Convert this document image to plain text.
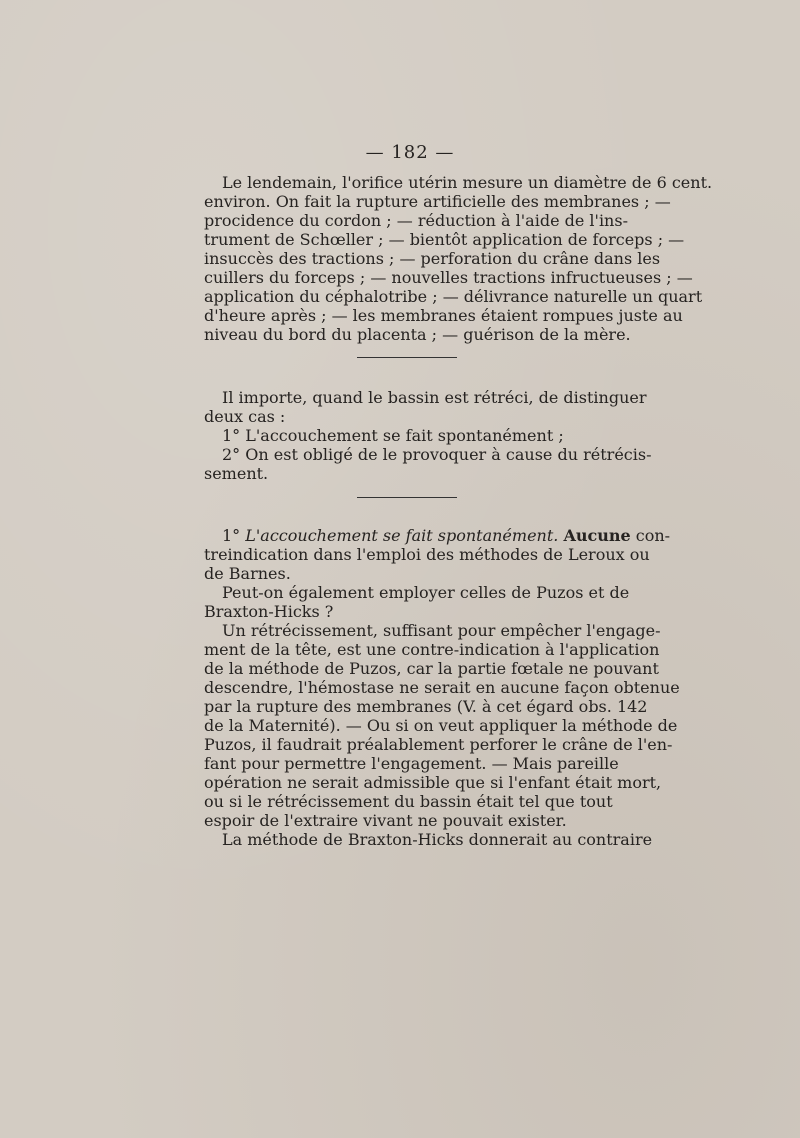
— 182 —

Le lendemain, l'orifice utérin mesure un diamètre de 6 cent.
environ. On fait la rupture artificielle des membranes ; —
procidence du cordon ; — réduction à l'aide de l'ins-
trument de Schœller ; — bientôt application de forceps ; —
insuccès des tractions ; — perforation du crâne dans les
cuillers du forceps ; — nouvelles tractions infructueuses ; —
application du céphalotribe ; — délivrance naturelle un quart
d'heure après ; — les membranes étaient rompues juste au
niveau du bord du placenta ; — guérison de la mère.
Il importe, quand le bassin est rétréci, de distinguer
deux cas :
1° L'accouchement se fait spontanément ;
2° On est obligé de le provoquer à cause du rétrécis-
sement.
1° L'accouchement se fait spontanément. Aucune con-
treindication dans l'emploi des méthodes de Leroux ou
de Barnes.
Peut-on également employer celles de Puzos et de
Braxton-Hicks ?
Un rétrécissement, suffisant pour empêcher l'engage-
ment de la tête, est une contre-indication à l'application
de la méthode de Puzos, car la partie fœtale ne pouvant
descendre, l'hémostase ne serait en aucune façon obtenue
par la rupture des membranes (V. à cet égard obs. 142
de la Maternité). — Ou si on veut appliquer la méthode de
Puzos, il faudrait préalablement perforer le crâne de l'en-
fant pour permettre l'engagement. — Mais pareille
opération ne serait admissible que si l'enfant était mort,
ou si le rétrécissement du bassin était tel que tout
espoir de l'extraire vivant ne pouvait exister.
La méthode de Braxton-Hicks donnerait au contraire
